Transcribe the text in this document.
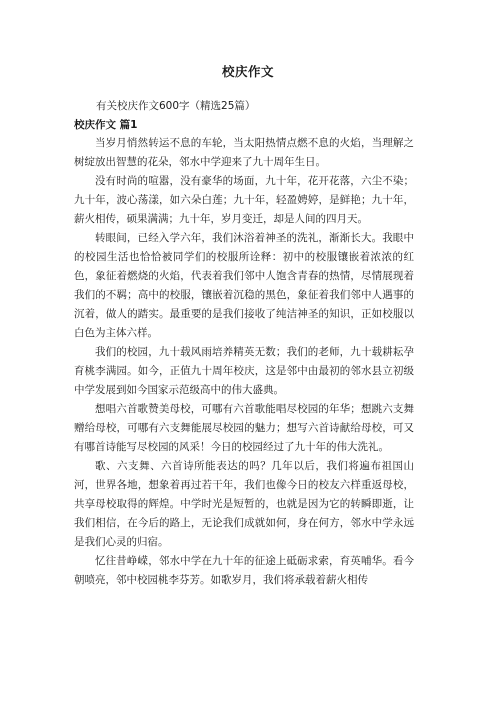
校庆作文
有关校庆作文600字（精选25篇）
校庆作文 篇1

当岁月悄然转运不息的车轮，当太阳热情点燃不息的火焰，当理解之树绽放出智慧的花朵，邻水中学迎来了九十周年生日。

没有时尚的喧嚣，没有豪华的场面，九十年，花开花落，六尘不染；九十年，波心荡漾，如六朵白莲；九十年，轻盈娉婷，是鲜艳；九十年，薪火相传，硕果满满；九十年，岁月变迁，却是人间的四月天。

转眼间，已经入学六年，我们沐浴着神圣的洗礼，渐渐长大。我眼中的校园生活也恰恰被同学们的校服所诠释：初中的校服镶嵌着浓浓的红色，象征着燃烧的火焰，代表着我们邻中人饱含青春的热情，尽情展现着我们的不羁；高中的校服，镶嵌着沉稳的黑色，象征着我们邻中人遇事的沉着，做人的踏实。最重要的是我们接收了纯洁神圣的知识，正如校服以白色为主体六样。

我们的校园，九十载风雨培养精英无数；我们的老师，九十载耕耘孕育桃李满园。如今，正值九十周年校庆，这是邻中由最初的邻水县立初级中学发展到如今国家示范级高中的伟大盛典。

想唱六首歌赞美母校，可哪有六首歌能唱尽校园的年华；想跳六支舞赠给母校，可哪有六支舞能展尽校园的魅力；想写六首诗献给母校，可又有哪首诗能写尽校园的风采！今日的校园经过了九十年的伟大洗礼。

歌、六支舞、六首诗所能表达的吗？几年以后，我们将遍布祖国山河，世界各地，想象着再过若干年，我们也像今日的校友六样重返母校，共享母校取得的辉煌。中学时光是短暂的，也就是因为它的转瞬即逝，让我们相信，在今后的路上，无论我们成就如何，身在何方，邻水中学永远是我们心灵的归宿。

忆往昔峥嵘，邻水中学在九十年的征途上砥砺求索，育英哺华。看今朝喷亮，邻中校园桃李芬芳。如歌岁月，我们将承载着薪火相传
